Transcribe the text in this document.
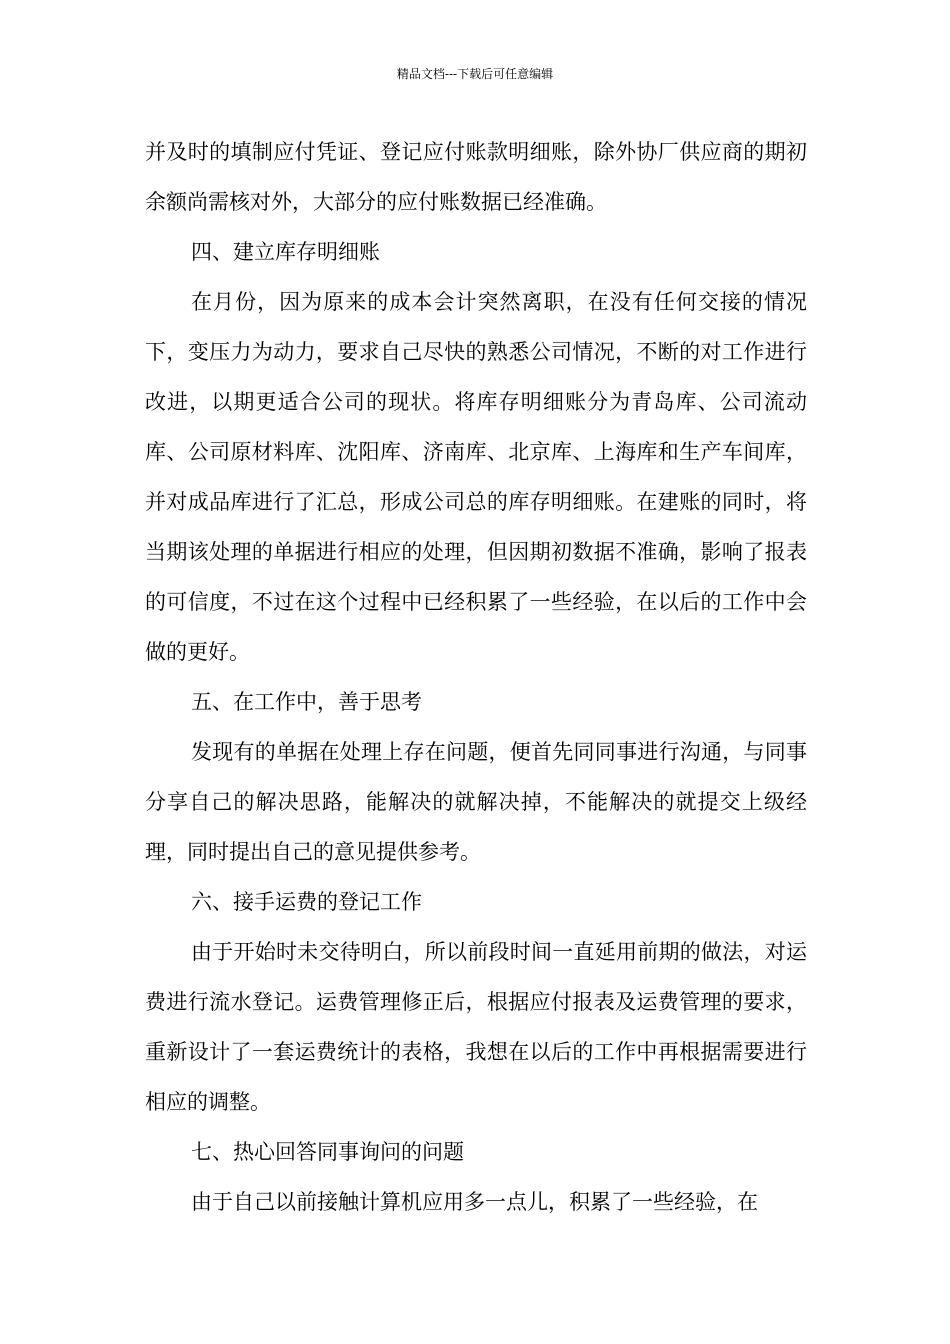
精品文档---下载后可任意编辑

并及时的填制应付凭证、登记应付账款明细账，除外协厂供应商的期初余额尚需核对外，大部分的应付账数据已经准确。

四、建立库存明细账

在月份，因为原来的成本会计突然离职，在没有任何交接的情况下，变压力为动力，要求自己尽快的熟悉公司情况，不断的对工作进行改进，以期更适合公司的现状。将库存明细账分为青岛库、公司流动库、公司原材料库、沈阳库、济南库、北京库、上海库和生产车间库，并对成品库进行了汇总，形成公司总的库存明细账。在建账的同时，将当期该处理的单据进行相应的处理，但因期初数据不准确，影响了报表的可信度，不过在这个过程中已经积累了一些经验，在以后的工作中会做的更好。

五、在工作中，善于思考

发现有的单据在处理上存在问题，便首先同同事进行沟通，与同事分享自己的解决思路，能解决的就解决掉，不能解决的就提交上级经理，同时提出自己的意见提供参考。

六、接手运费的登记工作

由于开始时未交待明白，所以前段时间一直延用前期的做法，对运费进行流水登记。运费管理修正后，根据应付报表及运费管理的要求，重新设计了一套运费统计的表格，我想在以后的工作中再根据需要进行相应的调整。

七、热心回答同事询问的问题

由于自己以前接触计算机应用多一点儿，积累了一些经验，在
